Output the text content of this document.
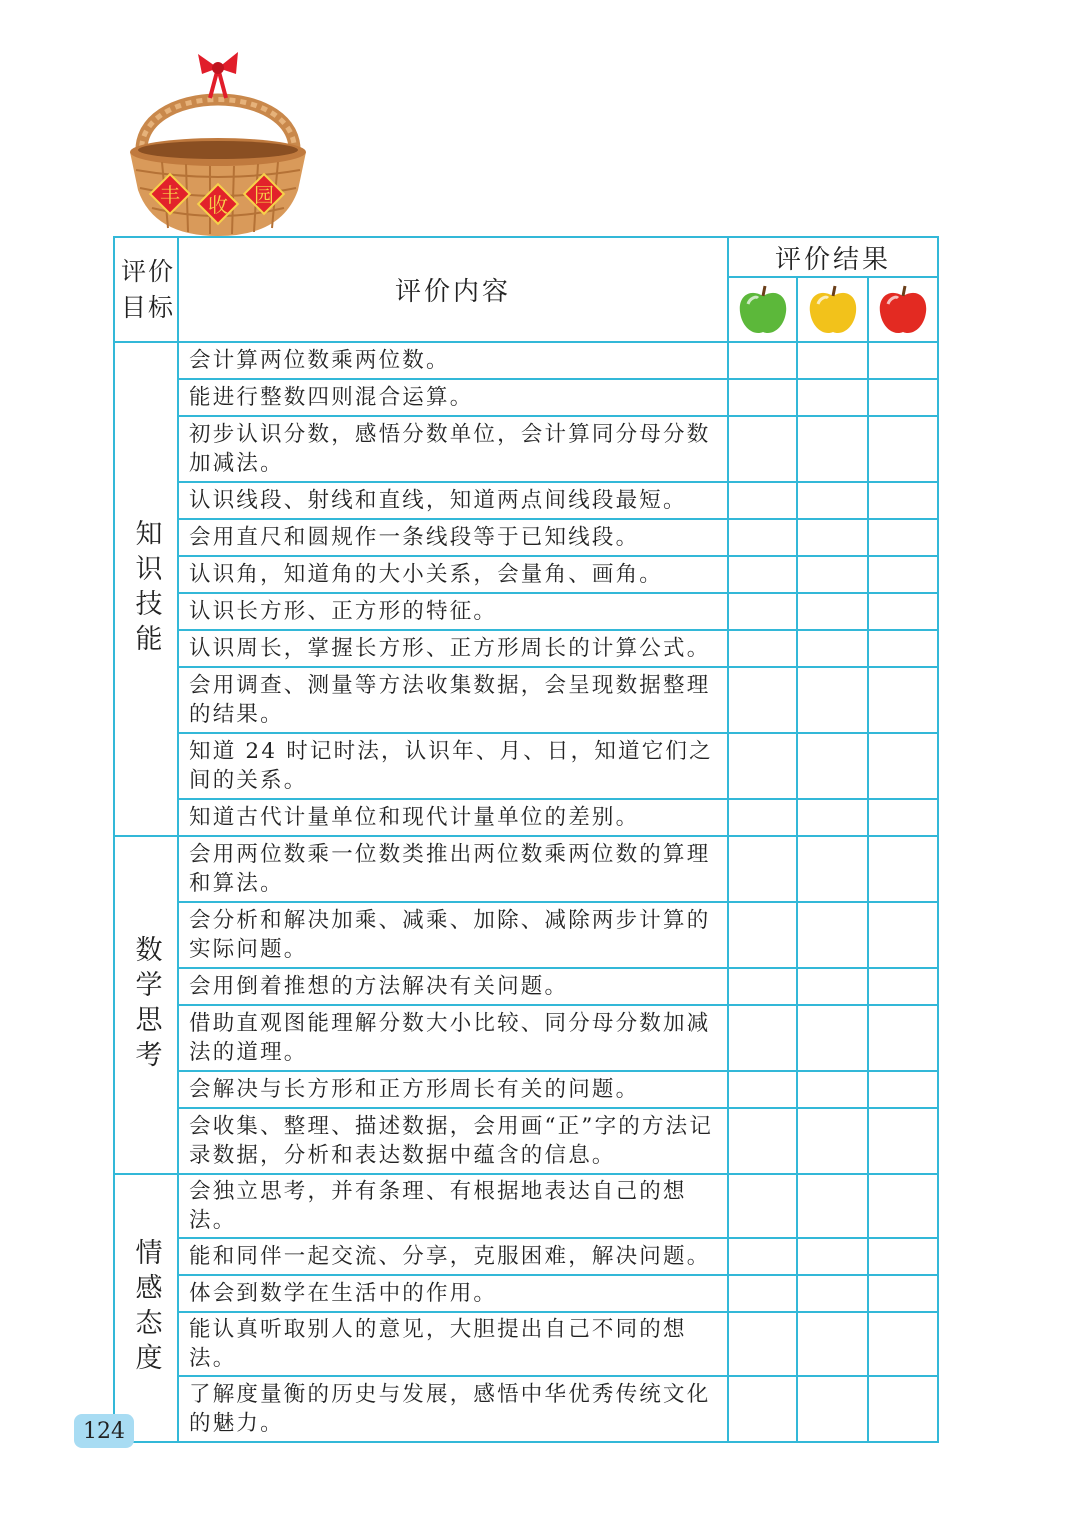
丰 收 园
评价
目标	评价内容	评价结果		

知识技能	会计算两位数乘两位数。			
	能进行整数四则混合运算。			
	初步认识分数，感悟分数单位，会计算同分母分数加减法。			
	认识线段、射线和直线，知道两点间线段最短。			
	会用直尺和圆规作一条线段等于已知线段。			
	认识角，知道角的大小关系，会量角、画角。			
	认识长方形、正方形的特征。			
	认识周长，掌握长方形、正方形周长的计算公式。			
	会用调查、测量等方法收集数据，会呈现数据整理的结果。			
	知道 24 时记时法，认识年、月、日，知道它们之间的关系。			
	知道古代计量单位和现代计量单位的差别。			
数学思考	会用两位数乘一位数类推出两位数乘两位数的算理和算法。			
	会分析和解决加乘、减乘、加除、减除两步计算的实际问题。			
	会用倒着推想的方法解决有关问题。			
	借助直观图能理解分数大小比较、同分母分数加减法的道理。			
	会解决与长方形和正方形周长有关的问题。			
	会收集、整理、描述数据，会用画“正”字的方法记录数据，分析和表达数据中蕴含的信息。			
情感态度	会独立思考，并有条理、有根据地表达自己的想法。			
	能和同伴一起交流、分享，克服困难，解决问题。			
	体会到数学在生活中的作用。			
	能认真听取别人的意见，大胆提出自己不同的想法。			
	了解度量衡的历史与发展，感悟中华优秀传统文化的魅力。			
124
